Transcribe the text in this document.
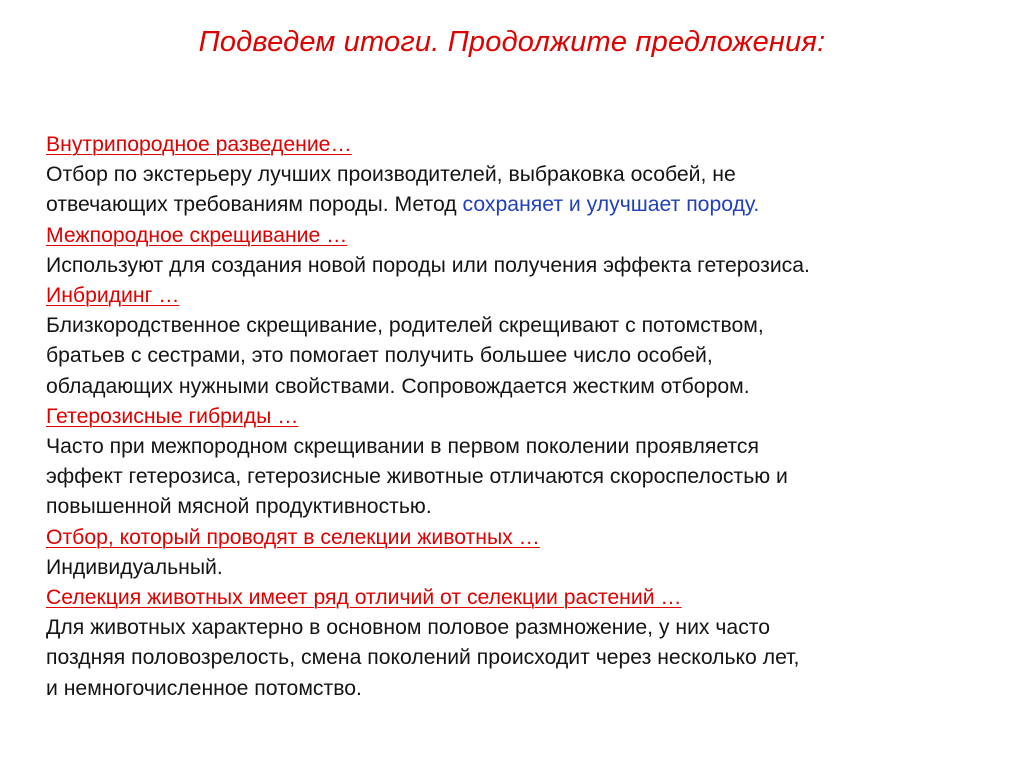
Подведем итоги. Продолжите предложения:
Внутрипородное разведение…
Отбор по экстерьеру лучших производителей, выбраковка особей, не
отвечающих требованиям породы. Метод сохраняет и улучшает породу.
Межпородное скрещивание …
Используют для создания новой породы или получения эффекта гетерозиса.
Инбридинг …
Близкородственное скрещивание, родителей скрещивают с потомством,
братьев с сестрами, это помогает получить большее число особей,
обладающих нужными свойствами. Сопровождается жестким отбором.
Гетерозисные гибриды …
Часто при межпородном скрещивании в первом поколении проявляется
эффект гетерозиса, гетерозисные животные отличаются скороспелостью и
повышенной мясной продуктивностью.
Отбор, который проводят в селекции животных …
Индивидуальный.
Селекция животных имеет ряд отличий от селекции растений …
Для животных характерно в основном половое размножение, у них часто
поздняя половозрелость, смена поколений происходит через несколько лет,
и немногочисленное потомство.
